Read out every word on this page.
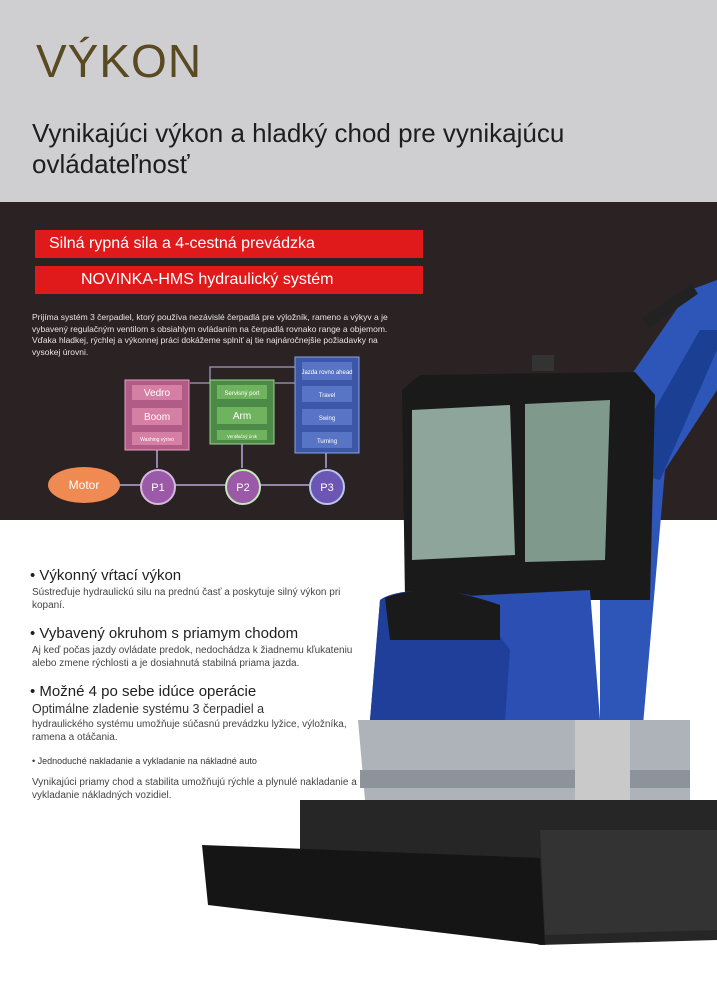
VÝKON
Vynikajúci výkon a hladký chod pre vynikajúcu ovládateľnosť
Silná rypná sila a 4-cestná prevádzka
NOVINKA-HMS hydraulický systém
Prijíma systém 3 čerpadiel, ktorý používa nezávislé čerpadlá pre výložník, rameno a výkyv a je vybavený regulačným ventilom s obsiahlym ovládaním na čerpadlá rovnako range a objemom. Vďaka hladkej, rýchlej a výkonnej práci dokážeme splniť aj tie najnáročnejšie požiadavky na vysokej úrovni.
Vedro
Boom
Washing výrivo
Servisný port
Arm
Ventilačný únik
Jazda rovno ahead
Travel
Swing
Turning
Motor	P1	P2	P3

• Výkonný vŕtací výkon

Sústreďuje hydraulickú silu na prednú časť a poskytuje silný výkon pri kopaní.

• Vybavený okruhom s priamym chodom

Aj keď počas jazdy ovládate predok, nedochádza k žiadnemu kľukateniu alebo zmene rýchlosti a je dosiahnutá stabilná priama jazda.

• Možné 4 po sebe idúce operácie

Optimálne zladenie systému 3 čerpadiel a

hydraulického systému umožňuje súčasnú prevádzku lyžice, výložníka, ramena a otáčania.

• Jednoduché nakladanie a vykladanie na nákladné auto

Vynikajúci priamy chod a stabilita umožňujú rýchle a plynulé nakladanie a vykladanie nákladných vozidiel.
